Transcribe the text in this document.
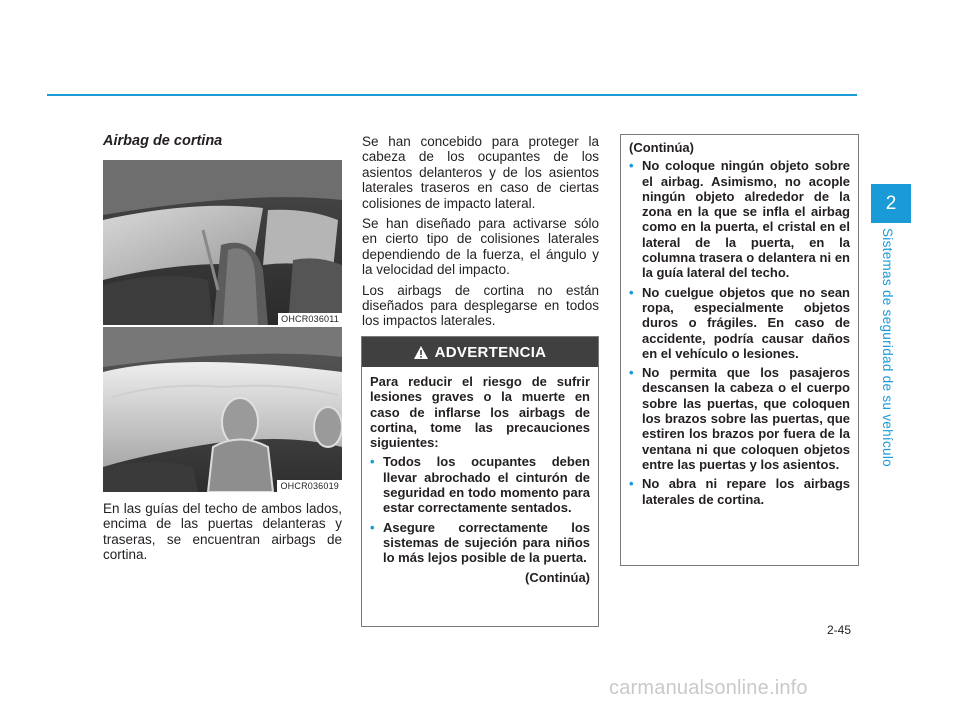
Airbag de cortina
OHCR036011
OHCR036019

En las guías del techo de ambos lados, encima de las puertas delanteras y traseras, se encuentran airbags de cortina.

Se han concebido para proteger la cabeza de los ocupantes de los asientos delanteros y de los asientos laterales traseros en caso de ciertas colisiones de impacto lateral.

Se han diseñado para activarse sólo en cierto tipo de colisiones laterales dependiendo de la fuerza, el ángulo y la velocidad del impacto.

Los airbags de cortina no están diseñados para desplegarse en todos los impactos laterales.

ADVERTENCIA

Para reducir el riesgo de sufrir lesiones graves o la muerte en caso de inflarse los airbags de cortina, tome las precauciones siguientes:

• Todos los ocupantes deben llevar abrochado el cinturón de seguridad en todo momento para estar correctamente sentados.
• Asegure correctamente los sistemas de sujeción para niños lo más lejos posible de la puerta.
(Continúa)

(Continúa)

• No coloque ningún objeto sobre el airbag. Asimismo, no acople ningún objeto alrededor de la zona en la que se infla el airbag como en la puerta, el cristal en el lateral de la puerta, en la columna trasera o delantera ni en la guía lateral del techo.
• No cuelgue objetos que no sean ropa, especialmente objetos duros o frágiles. En caso de accidente, podría causar daños en el vehículo o lesiones.
• No permita que los pasajeros descansen la cabeza o el cuerpo sobre las puertas, que coloquen los brazos sobre las puertas, que estiren los brazos por fuera de la ventana ni que coloquen objetos entre las puertas y los asientos.
• No abra ni repare los airbags laterales de cortina.
2
Sistemas de seguridad de su vehículo
2-45
carmanualsonline.info
